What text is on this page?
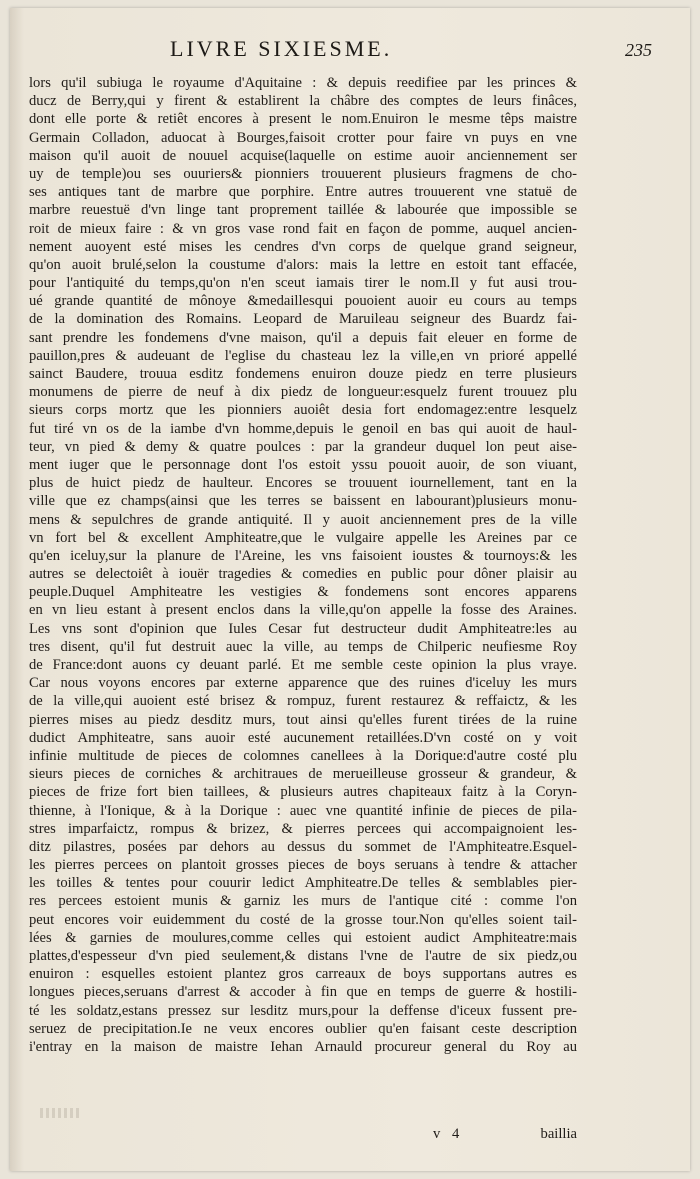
LIVRE SIXIESME.	235
lors qu'il subiuga le royaume d'Aquitaine : & depuis reedifiee par les princes &
ducz de Berry,qui y firent & establirent la châbre des comptes de leurs finâces,
dont elle porte & retiêt encores à present le nom.Enuiron le mesme têps maistre
Germain Colladon, aduocat à Bourges,faisoit crotter pour faire vn puys en vne
maison qu'il auoit de nouuel acquise(laquelle on estime auoir anciennement ser
uy de temple)ou ses ouuriers& pionniers trouuerent plusieurs fragmens de cho-
ses antiques tant de marbre que porphire. Entre autres trouuerent vne statuë de
marbre reuestuë d'vn linge tant proprement taillée & labourée que impossible se
roit de mieux faire : & vn gros vase rond fait en façon de pomme, auquel ancien-
nement auoyent esté mises les cendres d'vn corps de quelque grand seigneur,
qu'on auoit brulé,selon la coustume d'alors: mais la lettre en estoit tant effacée,
pour l'antiquité du temps,qu'on n'en sceut iamais tirer le nom.Il y fut ausi trou-
ué grande quantité de mônoye &medaillesqui pouoient auoir eu cours au temps
de la domination des Romains. Leopard de Maruileau seigneur des Buardz fai-
sant prendre les fondemens d'vne maison, qu'il a depuis fait eleuer en forme de
pauillon,pres & audeuant de l'eglise du chasteau lez la ville,en vn prioré appellé
sainct Baudere, trouua esditz fondemens enuiron douze piedz en terre plusieurs
monumens de pierre de neuf à dix piedz de longueur:esquelz furent trouuez plu
sieurs corps mortz que les pionniers auoiêt desia fort endomagez:entre lesquelz
fut tiré vn os de la iambe d'vn homme,depuis le genoil en bas qui auoit de haul-
teur, vn pied & demy & quatre poulces : par la grandeur duquel lon peut aise-
ment iuger que le personnage dont l'os estoit yssu pouoit auoir, de son viuant,
plus de huict piedz de haulteur. Encores se trouuent iournellement, tant en la
ville que ez champs(ainsi que les terres se baissent en labourant)plusieurs monu-
mens & sepulchres de grande antiquité. Il y auoit anciennement pres de la ville
vn fort bel & excellent Amphiteatre,que le vulgaire appelle les Areines par ce
qu'en iceluy,sur la planure de l'Areine, les vns faisoient ioustes & tournoys:& les
autres se delectoiêt à iouër tragedies & comedies en public pour dôner plaisir au
peuple.Duquel Amphiteatre les vestigies & fondemens sont encores apparens
en vn lieu estant à present enclos dans la ville,qu'on appelle la fosse des Araines.
Les vns sont d'opinion que Iules Cesar fut destructeur dudit Amphiteatre:les au
tres disent, qu'il fut destruit auec la ville, au temps de Chilperic neufiesme Roy
de France:dont auons cy deuant parlé. Et me semble ceste opinion la plus vraye.
Car nous voyons encores par externe apparence que des ruines d'iceluy les murs
de la ville,qui auoient esté brisez & rompuz, furent restaurez & reffaictz, & les
pierres mises au piedz desditz murs, tout ainsi qu'elles furent tirées de la ruine
dudict Amphiteatre, sans auoir esté aucunement retaillées.D'vn costé on y voit
infinie multitude de pieces de colomnes canellees à la Dorique:d'autre costé plu
sieurs pieces de corniches & architraues de merueilleuse grosseur & grandeur, &
pieces de frize fort bien taillees, & plusieurs autres chapiteaux faitz à la Coryn-
thienne, à l'Ionique, & à la Dorique : auec vne quantité infinie de pieces de pila-
stres imparfaictz, rompus & brizez, & pierres percees qui accompaignoient les-
ditz pilastres, posées par dehors au dessus du sommet de l'Amphiteatre.Esquel-
les pierres percees on plantoit grosses pieces de boys seruans à tendre & attacher
les toilles & tentes pour couurir ledict Amphiteatre.De telles & semblables pier-
res percees estoient munis & garniz les murs de l'antique cité : comme l'on
peut encores voir euidemment du costé de la grosse tour.Non qu'elles soient tail-
lées & garnies de moulures,comme celles qui estoient audict Amphiteatre:mais
plattes,d'espesseur d'vn pied seulement,& distans l'vne de l'autre de six piedz,ou
enuiron : esquelles estoient plantez gros carreaux de boys supportans autres es
longues pieces,seruans d'arrest & accoder à fin que en temps de guerre & hostili-
té les soldatz,estans pressez sur lesditz murs,pour la deffense d'iceux fussent pre-
seruez de precipitation.Ie ne veux encores oublier qu'en faisant ceste description
i'entray en la maison de maistre Iehan Arnauld procureur general du Roy au
v 4	baillia
